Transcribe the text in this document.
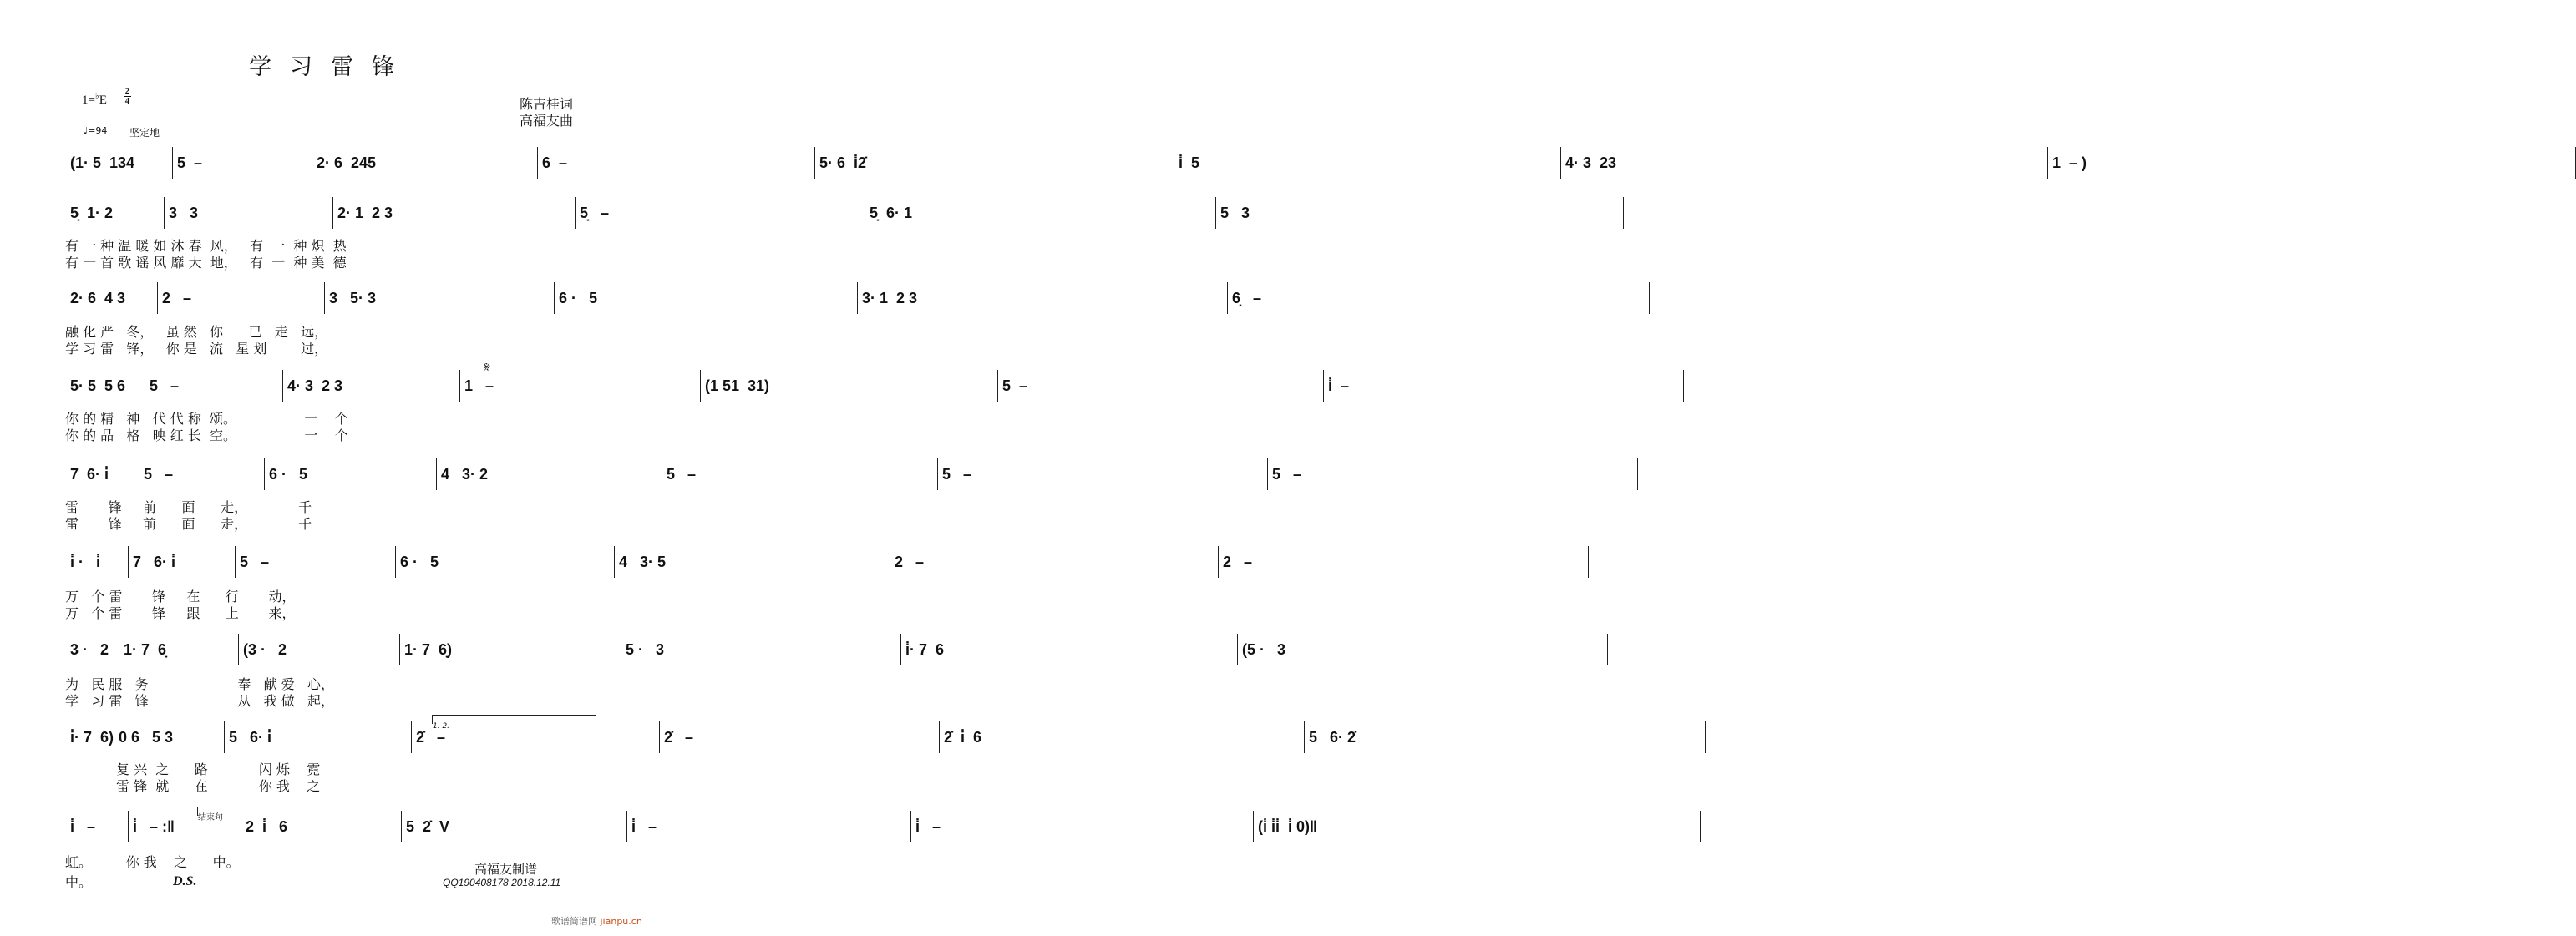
学习雷锋
1=♭E
2
4
♩=94 坚定地
陈吉桂词
高福友曲
(1· 5  134	5  –	2· 6  245	6  –	5· 6  i̇2̇	i̇  5	4· 3  23	1  – )
5̣  1· 2	3   3	2· 1  2 3	5̣   –	5̣  6· 1	5   3
2· 6  4 3 2   –	3   5· 3	6 ·   5	3· 1  2 3	6̣   –
5· 5  5 6 5   –	4· 3  2 3	1   –	(1 51  31)	5  –	i̇  –
7  6· i̇ 5   –	6 ·   5	4   3· 2	5   –	5   –	5   –
i̇ ·   i̇ 7   6· i̇	5   –	6 ·   5	4   3· 5	2   –	2   –
3 ·   2 1· 7  6̣	(3 ·   2	1· 7  6̣)	5 ·   3	i̇· 7  6	(5 ·   3
i̇· 7  6) 0 6   5 3	5   6· i̇	2̇   –	2̇   –	2̇  i̇  6	5   6· 2̇
i̇   – i̇   – :‖	2  i̇   6	5  2̇  V	i̇   –	i̇   –	(i̇ i̇i̇  i̇ 0)‖
有 一 种 温 暖 如 沐 春  风，   有  一  种 炽  热
有 一 首 歌 谣 风 靡 大  地，   有  一  种 美  德
融 化 严   冬，   虽 然   你      已   走   远，
学 习 雷   锋，   你 是   流   星 划        过，
你 的 精   神   代 代 称  颂。                一    个
你 的 品   格   映 红 长  空。                一    个
雷       锋     前      面      走，            千
雷       锋     前      面      走，            千
万   个 雷       锋     在      行       动，
万   个 雷       锋     跟      上       来，
为   民 服   务                     奉   献 爱   心，
学   习 雷   锋                     从   我 做   起，
复 兴  之      路            闪 烁    霓
雷 锋  就      在            你 我    之
𝄋
1. 2.
结束句
虹。        你 我    之      中。
中。	D.S.
高福友制谱
QQ190408178 2018.12.11
歌谱简谱网 jianpu.cn
